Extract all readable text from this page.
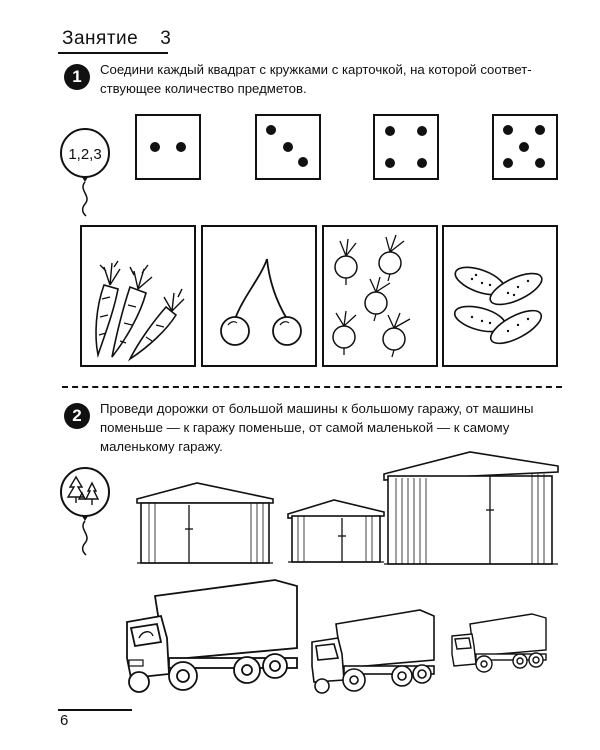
Занятие 3
1	Соедини каждый квадрат с кружками с карточкой, на которой соответствующее количество предметов.
1,2,3
2	Проведи дорожки от большой машины к большому гаражу, от машины поменьше — к гаражу поменьше, от самой маленькой — к самому маленькому гаражу.
6
